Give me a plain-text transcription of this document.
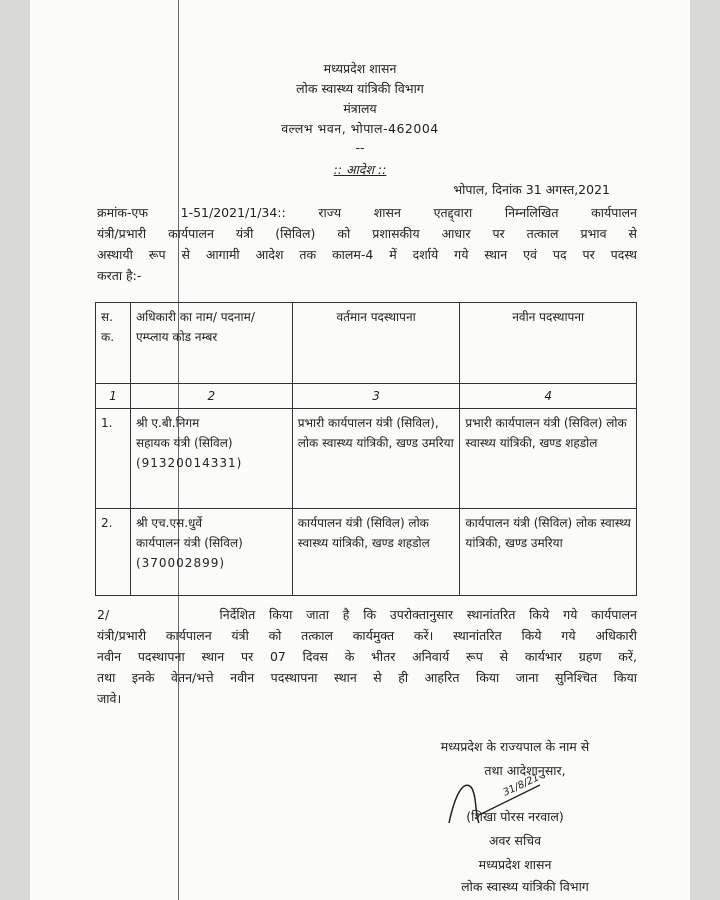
मध्यप्रदेश शासन
लोक स्वास्थ्य यांत्रिकी विभाग
मंत्रालय
वल्लभ भवन, भोपाल-462004
--
:: आदेश ::
भोपाल, दिनांक 31 अगस्त,2021
क्रमांक-एफ 1-51/2021/1/34:: राज्य शासन एतद्द्वारा निम्नलिखित कार्यपालन
यंत्री/प्रभारी कार्यपालन यंत्री (सिविल) को प्रशासकीय आधार पर तत्काल प्रभाव से
अस्थायी रूप से आगामी आदेश तक कालम-4 में दर्शाये गये स्थान एवं पद पर पदस्थ
करता है:-
स. क.	अधिकारी का नाम/ पदनाम/एम्प्लाय कोड नम्बर	वर्तमान पदस्थापना	नवीन पदस्थापना
1	2	3	4
1.	श्री ए.बी.निगम
सहायक यंत्री (सिविल)
(91320014331)	प्रभारी कार्यपालन यंत्री (सिविल), लोक स्वास्थ्य यांत्रिकी, खण्ड उमरिया	प्रभारी कार्यपालन यंत्री (सिविल) लोक स्वास्थ्य यांत्रिकी, खण्ड शहडोल
2.	श्री एच.एस.धुर्वे
कार्यपालन यंत्री (सिविल)
(370002899)	कार्यपालन यंत्री (सिविल) लोक स्वास्थ्य यांत्रिकी, खण्ड शहडोल	कार्यपालन यंत्री (सिविल) लोक स्वास्थ्य यांत्रिकी, खण्ड उमरिया
2/        निर्देशित किया जाता है कि उपरोक्तानुसार स्थानांतरित किये गये कार्यपालन
यंत्री/प्रभारी कार्यपालन यंत्री को तत्काल कार्यमुक्त करें। स्थानांतरित किये गये अधिकारी
नवीन पदस्थापना स्थान पर 07 दिवस के भीतर अनिवार्य रूप से कार्यभार ग्रहण करें,
तथा इनके वेतन/भत्ते नवीन पदस्थापना स्थान से ही आहरित किया जाना सुनिश्चित किया
जावे।
मध्यप्रदेश के राज्यपाल के नाम से
तथा आदेशानुसार,
31/8/21
(शिखा पोरस नरवाल)
अवर सचिव
मध्यप्रदेश शासन
लोक स्वास्थ्य यांत्रिकी विभाग
